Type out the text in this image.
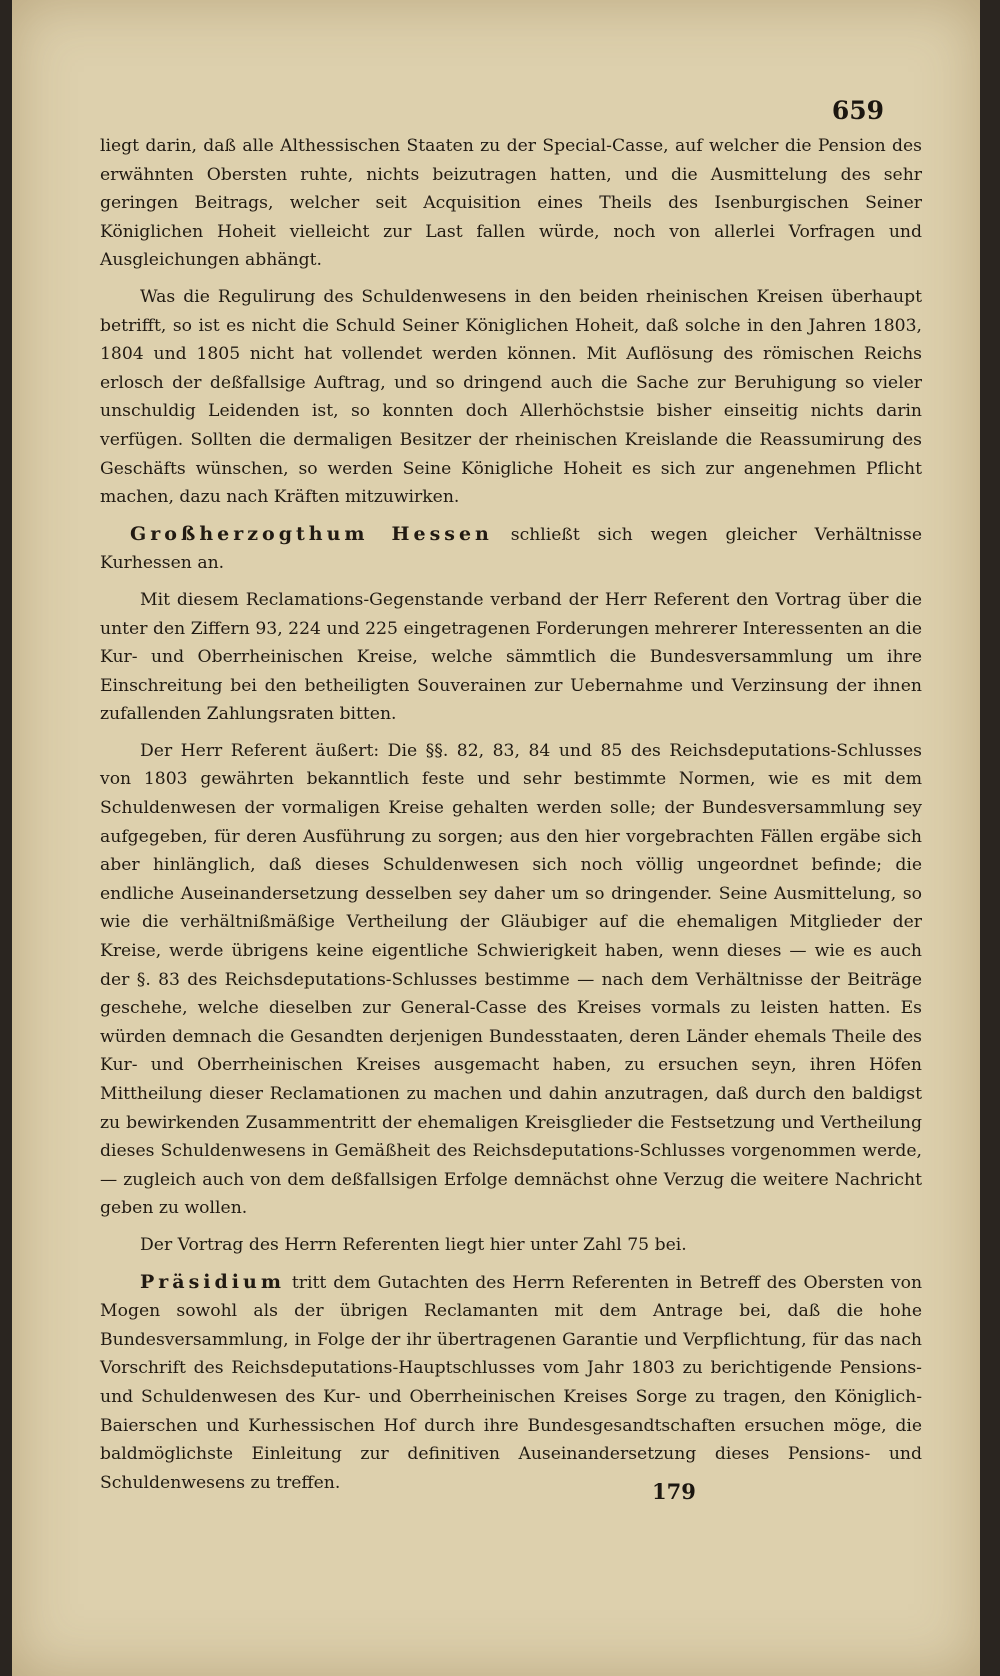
659

liegt darin, daß alle Althessischen Staaten zu der Special-Casse, auf welcher die Pension des erwähnten Obersten ruhte, nichts beizutragen hatten, und die Ausmittelung des sehr geringen Beitrags, welcher seit Acquisition eines Theils des Isenburgischen Seiner Königlichen Hoheit vielleicht zur Last fallen würde, noch von allerlei Vorfragen und Ausgleichungen abhängt.

Was die Regulirung des Schuldenwesens in den beiden rheinischen Kreisen überhaupt betrifft, so ist es nicht die Schuld Seiner Königlichen Hoheit, daß solche in den Jahren 1803, 1804 und 1805 nicht hat vollendet werden können. Mit Auflösung des römischen Reichs erlosch der deßfallsige Auftrag, und so dringend auch die Sache zur Beruhigung so vieler unschuldig Leidenden ist, so konnten doch Allerhöchstsie bisher einseitig nichts darin verfügen. Sollten die dermaligen Besitzer der rheinischen Kreislande die Reassumirung des Geschäfts wünschen, so werden Seine Königliche Hoheit es sich zur angenehmen Pflicht machen, dazu nach Kräften mitzuwirken.

Großherzogthum Hessen schließt sich wegen gleicher Verhältnisse Kurhessen an.

Mit diesem Reclamations-Gegenstande verband der Herr Referent den Vortrag über die unter den Ziffern 93, 224 und 225 eingetragenen Forderungen mehrerer Interessenten an die Kur- und Oberrheinischen Kreise, welche sämmtlich die Bundesversammlung um ihre Einschreitung bei den betheiligten Souverainen zur Uebernahme und Verzinsung der ihnen zufallenden Zahlungsraten bitten.

Der Herr Referent äußert: Die §§. 82, 83, 84 und 85 des Reichsdeputations-Schlusses von 1803 gewährten bekanntlich feste und sehr bestimmte Normen, wie es mit dem Schuldenwesen der vormaligen Kreise gehalten werden solle; der Bundesversammlung sey aufgegeben, für deren Ausführung zu sorgen; aus den hier vorgebrachten Fällen ergäbe sich aber hinlänglich, daß dieses Schuldenwesen sich noch völlig ungeordnet befinde; die endliche Auseinandersetzung desselben sey daher um so dringender. Seine Ausmittelung, so wie die verhältnißmäßige Vertheilung der Gläubiger auf die ehemaligen Mitglieder der Kreise, werde übrigens keine eigentliche Schwierigkeit haben, wenn dieses — wie es auch der §. 83 des Reichsdeputations-Schlusses bestimme — nach dem Verhältnisse der Beiträge geschehe, welche dieselben zur General-Casse des Kreises vormals zu leisten hatten. Es würden demnach die Gesandten derjenigen Bundesstaaten, deren Länder ehemals Theile des Kur- und Oberrheinischen Kreises ausgemacht haben, zu ersuchen seyn, ihren Höfen Mittheilung dieser Reclamationen zu machen und dahin anzutragen, daß durch den baldigst zu bewirkenden Zusammentritt der ehemaligen Kreisglieder die Festsetzung und Vertheilung dieses Schuldenwesens in Gemäßheit des Reichsdeputations-Schlusses vorgenommen werde, — zugleich auch von dem deßfallsigen Erfolge demnächst ohne Verzug die weitere Nachricht geben zu wollen.

Der Vortrag des Herrn Referenten liegt hier unter Zahl 75 bei.

Präsidium tritt dem Gutachten des Herrn Referenten in Betreff des Obersten von Mogen sowohl als der übrigen Reclamanten mit dem Antrage bei, daß die hohe Bundesversammlung, in Folge der ihr übertragenen Garantie und Verpflichtung, für das nach Vorschrift des Reichsdeputations-Hauptschlusses vom Jahr 1803 zu berichtigende Pensions- und Schuldenwesen des Kur- und Oberrheinischen Kreises Sorge zu tragen, den Königlich-Baierschen und Kurhessischen Hof durch ihre Bundesgesandtschaften ersuchen möge, die baldmöglichste Einleitung zur definitiven Auseinandersetzung dieses Pensions- und Schuldenwesens zu treffen.	179
